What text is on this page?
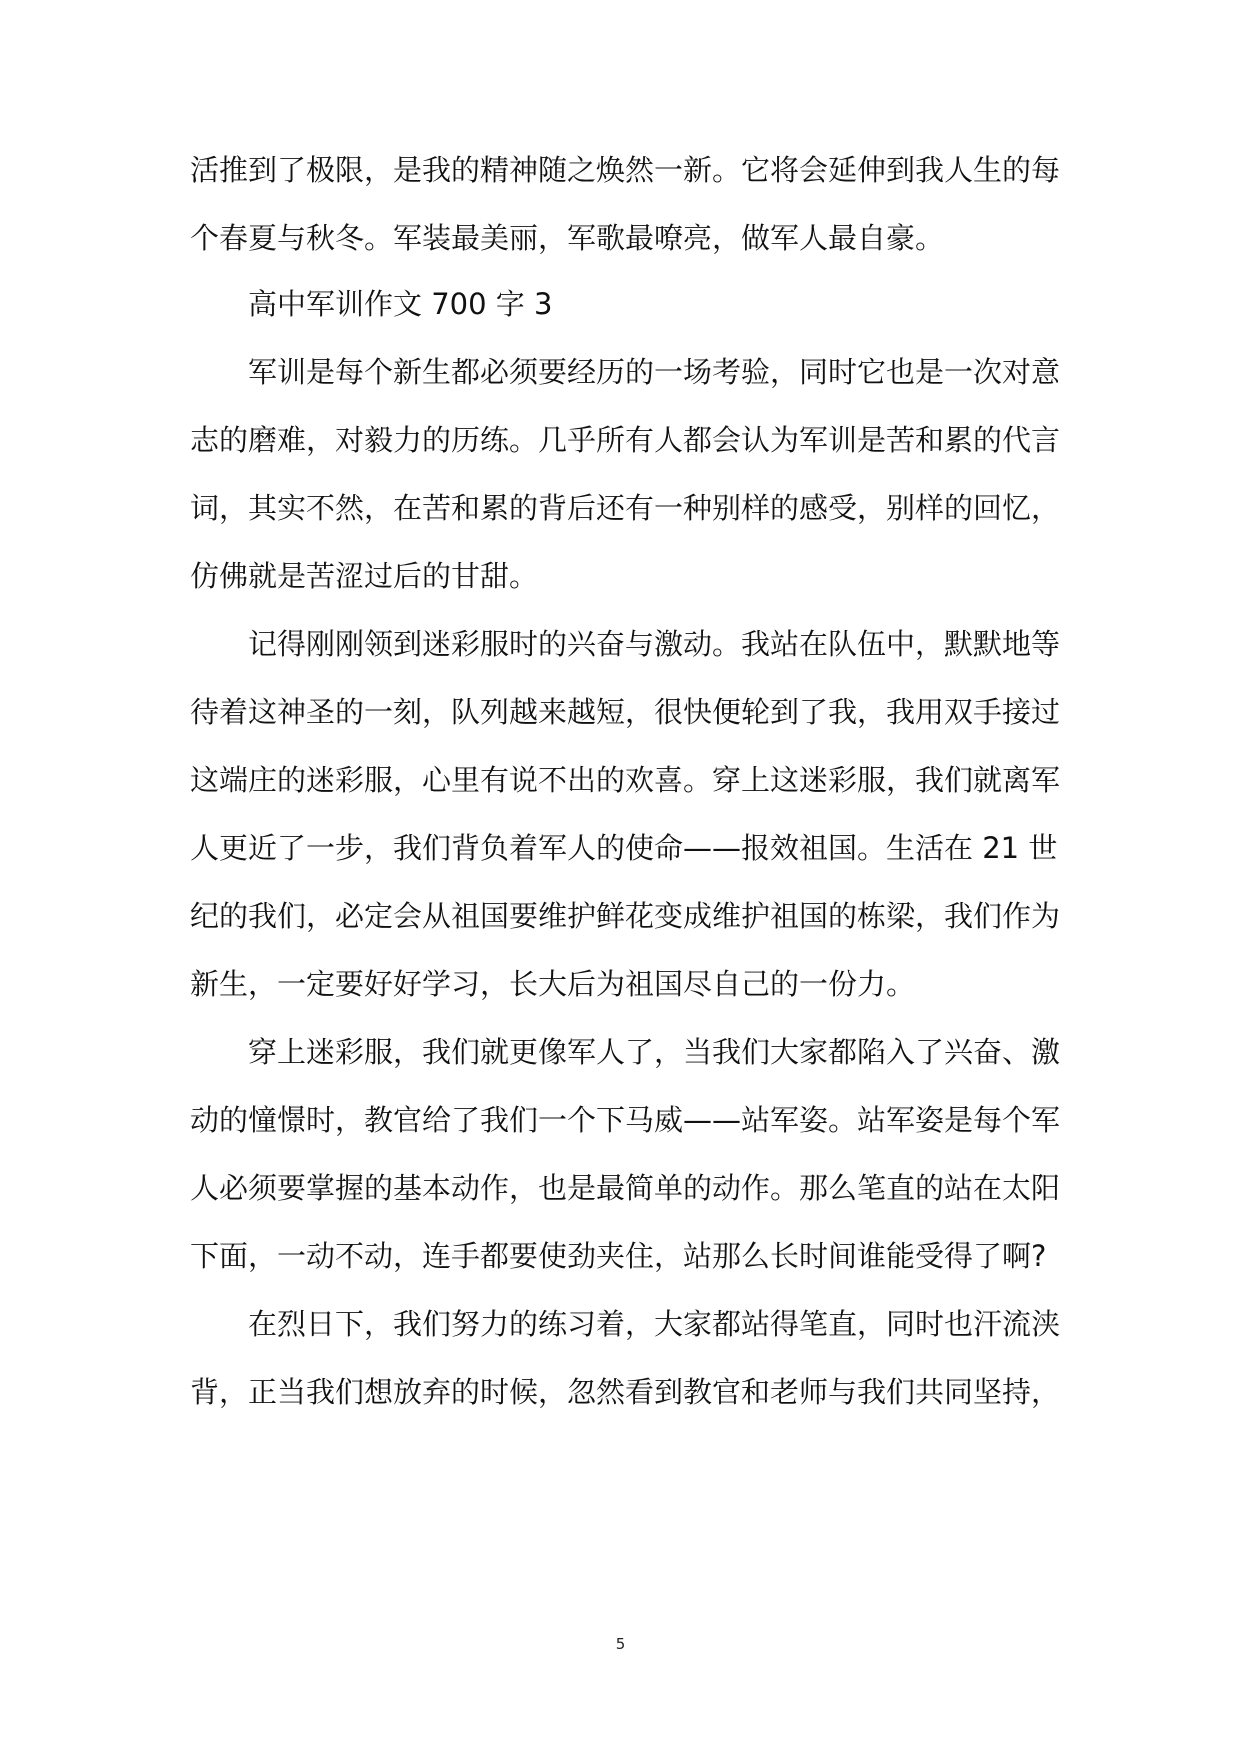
活推到了极限，是我的精神随之焕然一新。它将会延伸到我人生的每
个春夏与秋冬。军装最美丽，军歌最嘹亮，做军人最自豪。
高中军训作文 700 字 3
军训是每个新生都必须要经历的一场考验，同时它也是一次对意
志的磨难，对毅力的历练。几乎所有人都会认为军训是苦和累的代言
词，其实不然，在苦和累的背后还有一种别样的感受，别样的回忆，
仿佛就是苦涩过后的甘甜。
记得刚刚领到迷彩服时的兴奋与激动。我站在队伍中，默默地等
待着这神圣的一刻，队列越来越短，很快便轮到了我，我用双手接过
这端庄的迷彩服，心里有说不出的欢喜。穿上这迷彩服，我们就离军
人更近了一步，我们背负着军人的使命——报效祖国。生活在 21 世
纪的我们，必定会从祖国要维护鲜花变成维护祖国的栋梁，我们作为
新生，一定要好好学习，长大后为祖国尽自己的一份力。
穿上迷彩服，我们就更像军人了，当我们大家都陷入了兴奋、激
动的憧憬时，教官给了我们一个下马威——站军姿。站军姿是每个军
人必须要掌握的基本动作，也是最简单的动作。那么笔直的站在太阳
下面，一动不动，连手都要使劲夹住，站那么长时间谁能受得了啊?
在烈日下，我们努力的练习着，大家都站得笔直，同时也汗流浃
背，正当我们想放弃的时候，忽然看到教官和老师与我们共同坚持，
5
